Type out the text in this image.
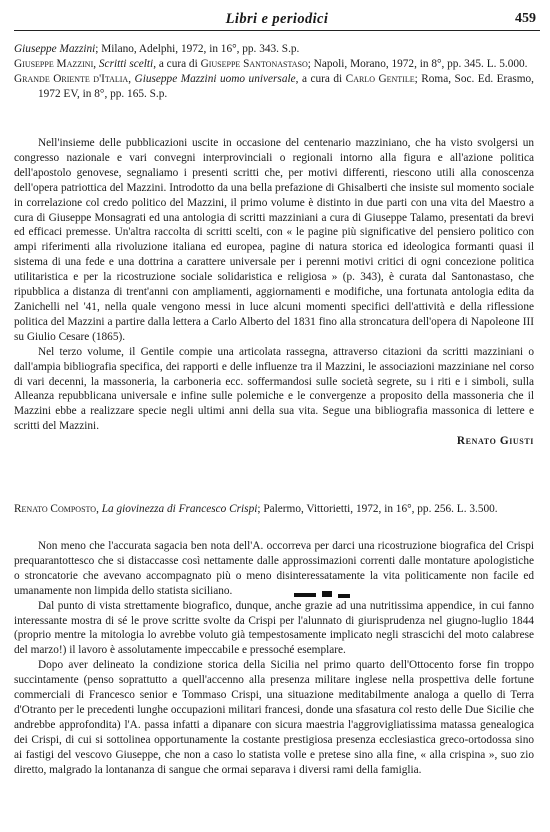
Libri e periodici	459

Giuseppe Mazzini; Milano, Adelphi, 1972, in 16°, pp. 343. S.p.

Giuseppe Mazzini, Scritti scelti, a cura di Giuseppe Santonastaso; Napoli, Morano, 1972, in 8°, pp. 345. L. 5.000.

Grande Oriente d'Italia, Giuseppe Mazzini uomo universale, a cura di Carlo Gentile; Roma, Soc. Ed. Erasmo, 1972 EV, in 8°, pp. 165. S.p.

Nell'insieme delle pubblicazioni uscite in occasione del centenario mazziniano, che ha visto svolgersi un congresso nazionale e vari convegni interprovinciali o regionali intorno alla figura e all'azione politica dell'apostolo genovese, segnaliamo i presenti scritti che, per motivi differenti, riescono utili alla conoscenza dell'opera patriottica del Mazzini. Introdotto da una bella prefazione di Ghisalberti che insiste sul momento sociale in correlazione col credo politico del Mazzini, il primo volume è distinto in due parti con una vita del Maestro a cura di Giuseppe Monsagrati ed una antologia di scritti mazziniani a cura di Giuseppe Talamo, presentati da brevi ed efficaci premesse. Un'altra raccolta di scritti scelti, con « le pagine più significative del pensiero politico con ampi riferimenti alla rivoluzione italiana ed europea, pagine di natura storica ed ideologica formanti quasi il sistema di una fede e una dottrina a carattere universale per i perenni motivi critici di ogni concezione politica utilitaristica e per la ricostruzione sociale solidaristica e religiosa » (p. 343), è curata dal Santonastaso, che ripubblica a distanza di trent'anni con ampliamenti, aggiornamenti e modifiche, una fortunata antologia edita da Zanichelli nel '41, nella quale vengono messi in luce alcuni momenti specifici dell'attività e della riflessione politica del Mazzini a partire dalla lettera a Carlo Alberto del 1831 fino alla stroncatura dell'opera di Napoleone III su Giulio Cesare (1865).

Nel terzo volume, il Gentile compie una articolata rassegna, attraverso citazioni da scritti mazziniani o dall'ampia bibliografia specifica, dei rapporti e delle influenze tra il Mazzini, le associazioni mazziniane nel corso di vari decenni, la massoneria, la carboneria ecc. soffermandosi sulle società segrete, su i riti e i simboli, sulla Alleanza repubblicana universale e infine sulle polemiche e le convergenze a proposito della massoneria che il Mazzini ebbe a realizzare specie negli ultimi anni della sua vita. Segue una bibliografia massonica di lettere e scritti del Mazzini.

Renato Giusti

Renato Composto, La giovinezza di Francesco Crispi; Palermo, Vittorietti, 1972, in 16°, pp. 256. L. 3.500.

Non meno che l'accurata sagacia ben nota dell'A. occorreva per darci una ricostruzione biografica del Crispi prequarantottesco che si distaccasse così nettamente dalle approssimazioni correnti dalle montature apologistiche o stroncatorie che avevano accompagnato più o meno disinteressatamente la vita politicamente non facile ed umanamente non limpida dello statista siciliano.

Dal punto di vista strettamente biografico, dunque, anche grazie ad una nutritissima appendice, in cui fanno interessante mostra di sé le prove scritte svolte da Crispi per l'alunnato di giurisprudenza nel giugno-luglio 1844 (proprio mentre la mitologia lo avrebbe voluto già tempestosamente implicato negli strascichi del moto calabrese del marzo!) il lavoro è assolutamente impeccabile e pressoché esemplare.

Dopo aver delineato la condizione storica della Sicilia nel primo quarto dell'Ottocento forse fin troppo succintamente (penso soprattutto a quell'accenno alla presenza militare inglese nella prospettiva delle fortune commerciali di Francesco senior e Tommaso Crispi, una situazione meditabilmente analoga a quello di Terra d'Otranto per le precedenti lunghe occupazioni militari francesi, donde una sfasatura col resto delle Due Sicilie che andrebbe approfondita) l'A. passa infatti a dipanare con sicura maestria l'aggrovigliatissima matassa genealogica dei Crispi, di cui si sottolinea opportunamente la costante prestigiosa presenza ecclesiastica greco-ortodossa sino ai fastigi del vescovo Giuseppe, che non a caso lo statista volle e pretese sino alla fine, « alla crispina », suo zio diretto, malgrado la lontananza di sangue che ormai separava i diversi rami della famiglia.
